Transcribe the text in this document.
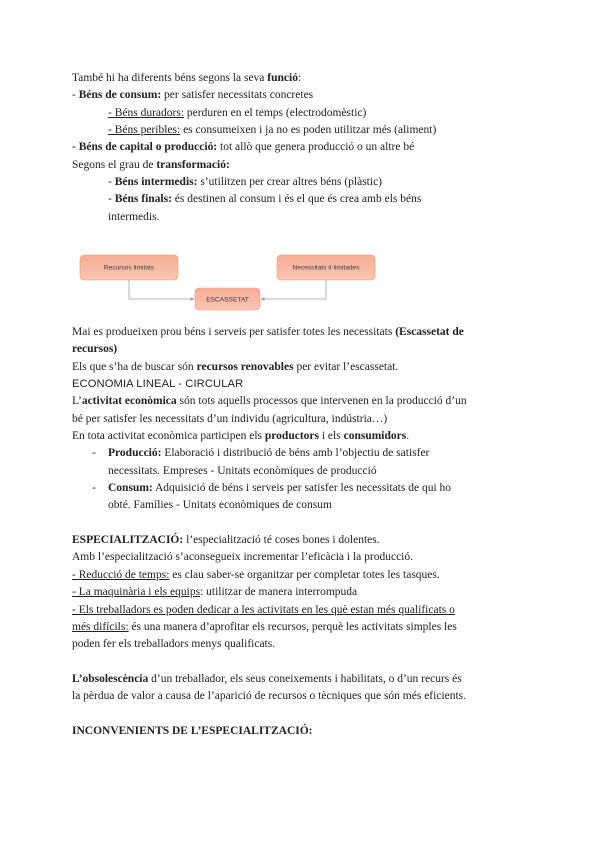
També hi ha diferents béns segons la seva funció:
- Béns de consum: per satisfer necessitats concretes
- Béns duradors: perduren en el temps (electrodomèstic)
- Béns peribles: es consumeixen i ja no es poden utilitzar més (aliment)
- Béns de capital o producció: tot allò que genera producció o un altre bé
Segons el grau de transformació:
- Béns intermedis: s’utilitzen per crear altres béns (plàstic)
- Béns finals: és destinen al consum i és el que és crea amb els béns
intermedis.
Recursos limitats	Necessitats il·limitades
ESCASSETAT
Mai es produeixen prou béns i serveis per satisfer totes les necessitats (Escassetat de
recursos)
Els que s’ha de buscar són recursos renovables per evitar l’escassetat.
ECONOMIA LINEAL - CIRCULAR
L’activitat econòmica són tots aquells processos que intervenen en la producció d’un
bé per satisfer les necessitats d’un individu (agricultura, indústria…)
En tota activitat econòmica participen els productors i els consumidors.
- Producció: Elaboració i distribució de béns amb l’objectiu de satisfer
necessitats. Empreses - Unitats econòmiques de producció
- Consum: Adquisició de béns i serveis per satisfer les necessitats de qui ho
obté. Famílies - Unitats econòmiques de consum
ESPECIALITZACIÓ: l’especialització té coses bones i dolentes.
Amb l’especialització s’aconsegueix incrementar l’eficàcia i la producció.
- Reducció de temps: es clau saber-se organitzar per completar totes les tasques.
- La maquinària i els equips: utilitzar de manera interrompuda
- Els treballadors es poden dedicar a les activitats en les què estan més qualificats o
més difícils: és una manera d’aprofitar els recursos, perquè les activitats simples les
poden fer els treballadors menys qualificats.
L’obsolescència d’un treballador, els seus coneixements i habilitats, o d’un recurs és
la pèrdua de valor a causa de l’aparició de recursos o tècniques que són més eficients.
INCONVENIENTS DE L’ESPECIALITZACIÓ:
